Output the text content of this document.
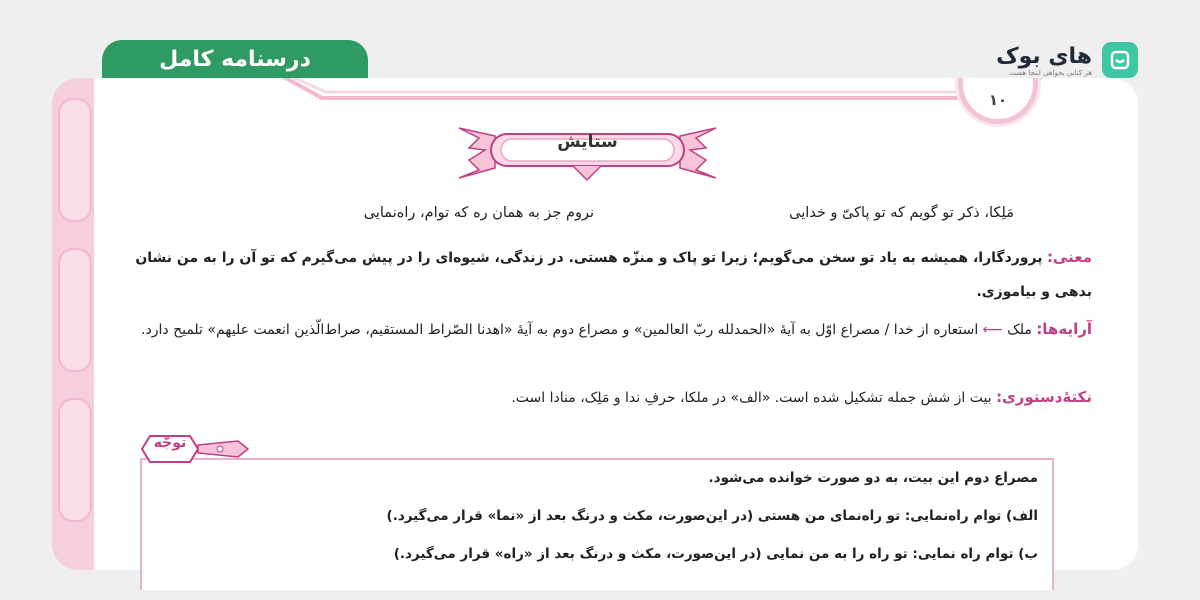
درسنامه کامل	های بوک
هر کتابی بخواهی اینجا هست
۱۰
ستایش
مَلِکا، ذکر تو گویم که تو پاکیّ و خدایی
نروم جز به همان ره که توام، راه‌نمایی
معنی: پروردگارا، همیشه به یاد تو سخن می‌گویم؛ زیرا تو پاک و منزّه هستی. در زندگی، شیوه‌ای را در پیش می‌گیرم که تو آن را به من نشان بدهی و بیاموزی.
آرایه‌ها: ملک ⟵ استعاره از خدا / مصراع اوّل به آیهٔ «الحمدلله ربّ العالمین» و مصراع دوم به آیهٔ «اهدنا الصّراط المستقیم، صراط‌الّذین انعمت علیهم» تلمیح دارد.
نکتهٔ‌دستوری: بیت از شش جمله تشکیل شده است. «الف» در ملکا، حرفِ ندا و مَلِک، منادا است.
مصراع دوم این بیت، به دو صورت خوانده می‌شود.
الف) توام راه‌نمایی: تو راه‌نمای من هستی (در این‌صورت، مکث و درنگ بعد از «نما» قرار می‌گیرد.)
ب) توام راه نمایی: تو راه را به من نمایی (در این‌صورت، مکث و درنگ بعد از «راه» قرار می‌گیرد.)
توجّه
